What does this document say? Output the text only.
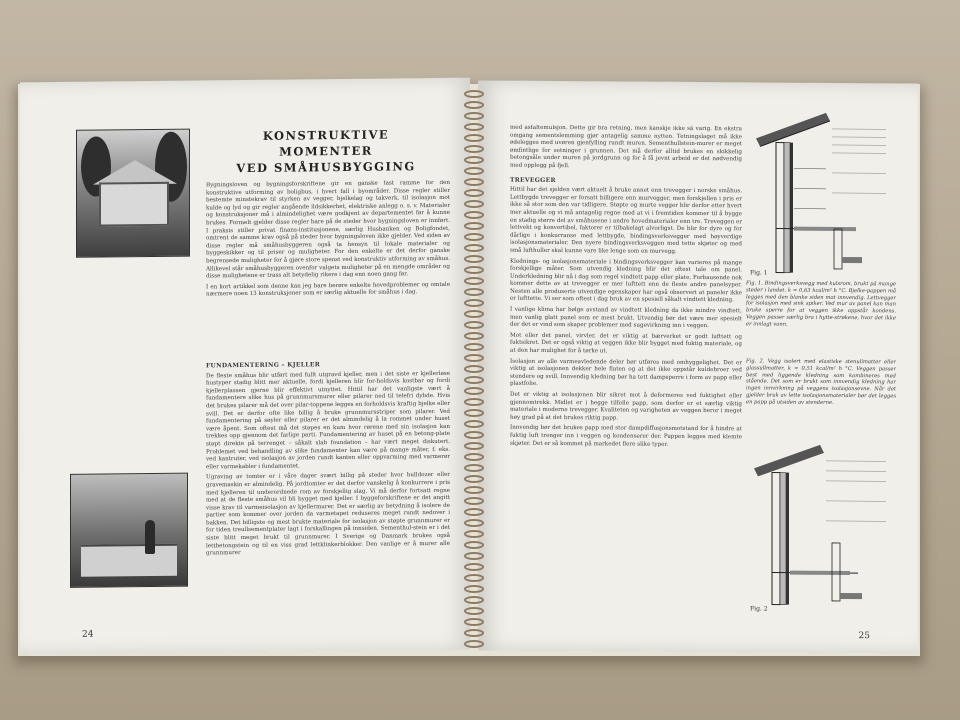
KONSTRUKTIVE MOMENTER
VED SMÅHUSBYGGING

Bygningsloven og bygningsforskriftene gir en ganske fast ramme for den konstruktive utforming av boligbus, i hvert fall i byområder. Disse regler stiller bestemte minstekrav til styrken av vegger, bjelkelag og takverk, til isolasjon mot kulde og lyd og gir regler angående ildsikkerhet, elektriske anlegg o. s. v. Materialer og konstruksjoner må i almindelighet være godkjent av departementet før å kunne brukes. Formelt gjelder disse regler bare på de steder hvor bygningsloven er innført. I praksis stiller privat finans-institusjonene, særlig Husbanken og Boligfondet, omtrent de samme krav også på steder hvor bygningsloven ikke gjelder. Ved siden av disse regler må småhusbyggeren også ta hensyn til lokale materialer og byggeskikker og til priser og muligheter. For den enkelte er det derfor ganske begrensede muligheter for å gjøre store spenst ved konstruktiv utforming av småhus. Allikevel står småhusbyggeren ovenfor valgets muligheter på en mengde områder og disse mulighetene er trass alt betydelig rikere i dag enn noen gang før.

I en kort artikkel som denne kan jeg bare berøre enkelte hovedproblemer og omtale nærmere noen 13 konstruksjoner som er særlig aktuelle for småhus i dag.

FUNDAMENTERING – KJELLER

De fleste småhus blir utført med fullt utgravd kjeller, men i det siste er kjellerløse hustyper stadig blitt mer aktuelle, fordi kjelleren blir for-holdsvis kostbar og fordi kjellerplassen gjerne blir effektivt utnyttet. Hittil har det vanligste vært å fundamentere slike hus på grunnmursmurer eller pilarer ned til telefri dybde. Hvis det brukes pilarer må det over pilar-toppene legges en forholdsvis kraftig bjelke eller svill. Det er derfor ofte like billig å bruke grunnmursstriper som pilarer. Ved fundamentering på søyler eller pilarer er det almindelig å la rommet under huset være åpent. Som oftest må det støpes en kum hvor rørene med sin isolasjon kan trekkes opp gjennom det farlige parti. Fundamentering av huset på en betong-plate støpt direkte på terrenget – såkalt slab foundation – har vært meget diskutert. Problemet ved behandling av slike fundamenter kan være på mange måter, f. eks. ved kantruter, ved isolasjon av jorden rundt kanten eller oppvarming med varmerør eller varmekabler i fundamentet.

Ugraving av tomter er i våre dager svært billig på steder hvor bulldozer eller gravemaskin er almindelig. På jordtomter er det derfor vanskelig å konkurrere i pris med kjelleren til underordnede rom av forskjellig slag. Vi må derfor fortsatt regne med at de fleste småhus vil bli bygget med kjeller. I byggeforskriftene er det angitt visse krav til varmeisolasjon av kjellermurer. Det er særlig av betydning å isolere de partier som kommer over jorden da varmetapet reduseres meget rundt nedover i bakken. Det billigste og mest brukte materiale for isolasjon av støpte grunnmurer er for tiden treullsementplater lagt i forskallingen på innsiden. Sementhul-stein er i det siste blitt meget brukt til grunnmurer. I Sverige og Danmark brukes også lettbetongstein og til en viss grad lettklinkerblokker. Den vanlige er å murer alle grunnmurer

24

med asfaltemulsjon. Dette gir bra retning, men kanskje ikke så varig. En ekstra omgang sementslemming gjør antagelig samme nytten. Tetningslaget må ikke ødelegges med uvøren gjenfylling rundt muren. Sementhullstein-murer er meget ømfintlige for setninger i grunnen. Det må derfor alltid brukes en skikkelig betongsåle under muren på jordgrunn og for å få jevnt arbeid er det nødvendig med opplegg på fjell.

TREVEGGER

Hittil har det sjelden vært aktuelt å bruke annet enn trevegger i norske småhus. Lettbygde trevegger er forsatt billigere enn murvegger, men forskjellen i pris er ikke så stor som den var tidligere. Støpte og murte vegger blir derfor etter hvert mer aktuelle og vi må antagelig regne med at vi i fremtiden kommer til å bygge en stadig større del av småhusene i andre hovedmaterialer enn tre. Treveggen er lettvekt og konvertibel, faktorer er tilbakelagt alvorligst. De blir for dyre og for dårlige i konkurranse med lettbygde, bindingsverksvegger med høyverdige isolasjonsmaterialer. Den nyere bindingsverksveggen med tette skjøter og med små lufthuller skal kunne vare like lenge som en murvegg.

Klednings- og isolasjonsmateriale i bindingsverksvegger kan varieres på mange forskjellige måter. Som utvendig kledning blir det oftest tale om panel. Underkledning blir nå i dag som regel vindtett papp eller plate. Forbausende nok kommer dette av at trevegger er mer lufttett enn de fleste andre panelsyper. Nesten alle produserte utvendige egenskaper har også observert at paneler ikke er lufttette. Vi ser som oftest i dag bruk av en spesiell såkalt vindtett kledning.

I vanlige klima har bølge avstand av vindtett kledning da ikke mindre vindtett, men vanlig glatt panel som er mest brukt. Utvendig bør det være mer spesielt der det er vind som skaper problemer med sugevirkning inn i veggen.

Mot eller det panel, virvler, det er viktig at bærverket er godt lufttett og fuktsikret. Det er også viktig at veggen ikke blir bygget med fuktig materiale, og at den har mulighet for å tørke ut.

Isolasjon av alle varmeavledende deler bør utføres med omhyggelighet. Det er viktig at isolasjonen dekker hele flaten og at det ikke oppstår kuldebroer ved stendere og svill. Innvendig kledning bør ha tett dampsperre i form av papp eller plastfolie.

Det er viktig at isolasjonen blir sikret mot å deformeres ved fuktighet eller gjennomtrekk. Midlet er i hegge tilfelle papp, som derfor er et særlig viktig materiale i moderne trevegger. Kvaliteten og varigheten av veggen beror i meget høy grad på at det brukes riktig papp.

Innvendig bør det brukes papp med stor dampdiffusjonsmotstand for å hindre at fuktig luft trenger inn i veggen og kondenserer der. Pappen legges med klemte skjøter. Det er så kommet på markedet flere slike typer.

Fig. 1
Fig. 1. Bindingsverksvegg med kulsrom, brukt på mange steder i landet. k = 0,63 kcal/m² h °C. Bjelke-pappen må legges med den blanke siden mot innvendig. Lettvegger for isolasjon med sink spiker. Ved mur av panel kan man bruke sperre for at veggen ikke oppstår kondens. Veggen passer særlig bra i hytte-strøkene, hvor det ikke er innlagt vann.
Fig. 2. Vegg isolert med elastiske stenullmatter eller glassullmatter, k = 0,51 kcal/m² h °C. Veggen passer best med liggende kledning som kombineres med stående. Det som er brukt som innvendig kledning har ingen innvirkning på veggens isolasjonsevne. Når det gjelder bruk av lette isolasjonsmaterialer bør det legges en papp på utsiden av stenderne.
Fig. 2
25
